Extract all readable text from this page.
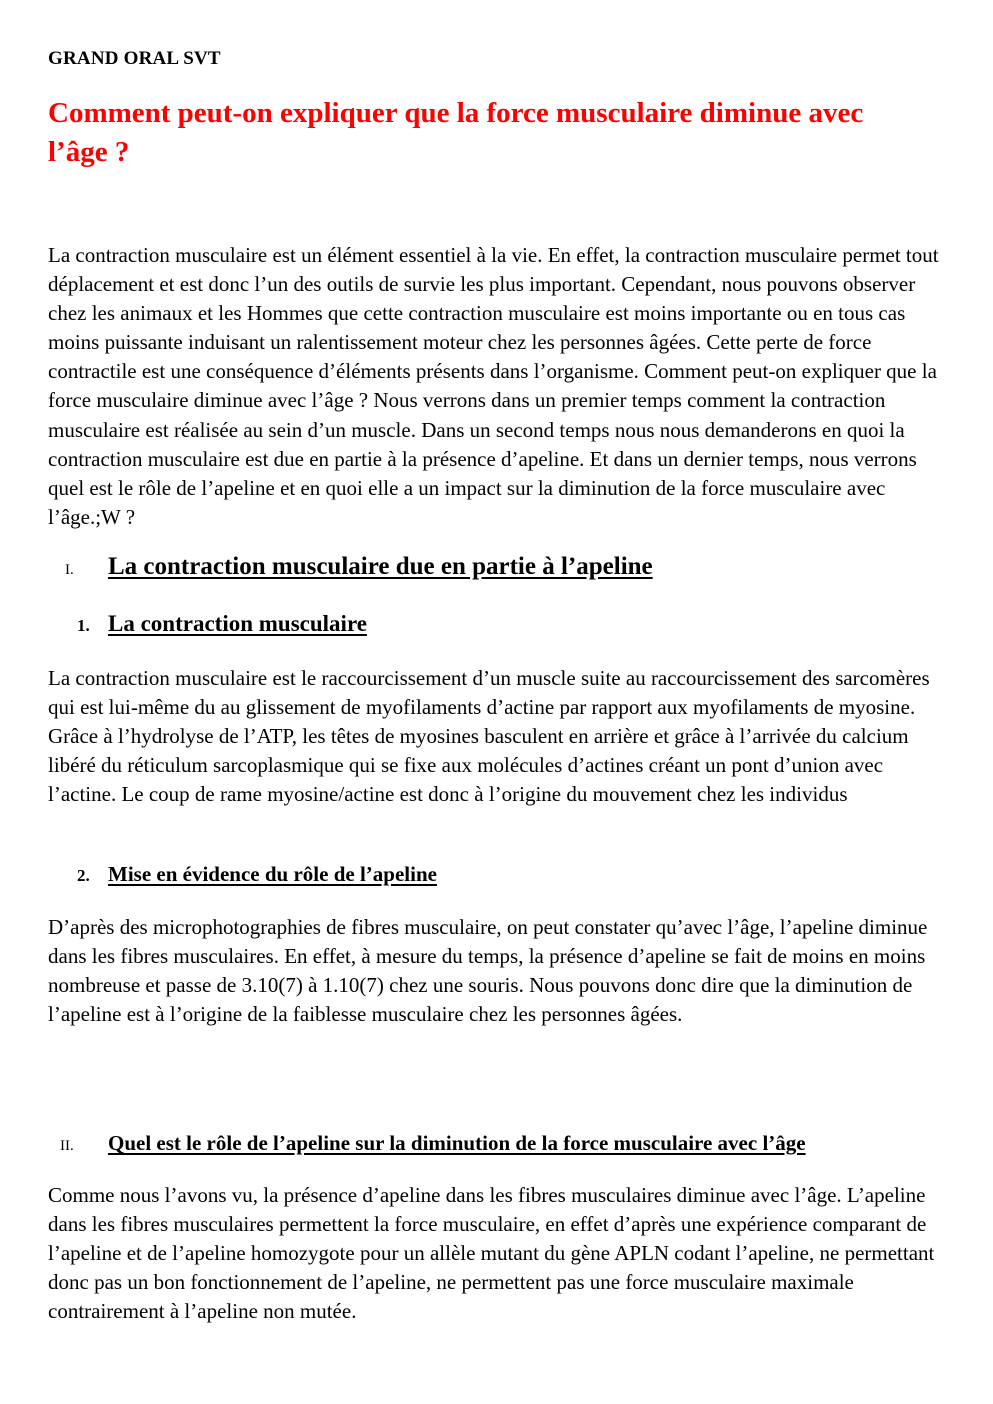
GRAND ORAL SVT

Comment peut-on expliquer que la force musculaire diminue avec l’âge ?

La contraction musculaire est un élément essentiel à la vie. En effet, la contraction musculaire permet tout déplacement et est donc l’un des outils de survie les plus important. Cependant, nous pouvons observer chez les animaux et les Hommes que cette contraction musculaire est moins importante ou en tous cas moins puissante induisant un ralentissement moteur chez les personnes âgées. Cette perte de force contractile est une conséquence d’éléments présents dans l’organisme. Comment peut-on expliquer que la force musculaire diminue avec l’âge ? Nous verrons dans un premier temps comment la contraction musculaire est réalisée au sein d’un muscle. Dans un second temps nous nous demanderons en quoi la contraction musculaire est due en partie à la présence d’apeline. Et dans un dernier temps, nous verrons quel est le rôle de l’apeline et en quoi elle a un impact sur la diminution de la force musculaire avec l’âge.;W ?

I.	La contraction musculaire due en partie à l’apeline
1. La contraction musculaire

La contraction musculaire est le raccourcissement d’un muscle suite au raccourcissement des sarcomères qui est lui-même du au glissement de myofilaments d’actine par rapport aux myofilaments de myosine. Grâce à l’hydrolyse de l’ATP, les têtes de myosines basculent en arrière et grâce à l’arrivée du calcium libéré du réticulum sarcoplasmique qui se fixe aux molécules d’actines créant un pont d’union avec l’actine. Le coup de rame myosine/actine est donc à l’origine du mouvement chez les individus

2. Mise en évidence du rôle de l’apeline

D’après des microphotographies de fibres musculaire, on peut constater qu’avec l’âge, l’apeline diminue dans les fibres musculaires. En effet, à mesure du temps, la présence d’apeline se fait de moins en moins nombreuse et passe de 3.10(7) à 1.10(7) chez une souris. Nous pouvons donc dire que la diminution de l’apeline est à l’origine de la faiblesse musculaire chez les personnes âgées.

II.	Quel est le rôle de l’apeline sur la diminution de la force musculaire avec l’âge

Comme nous l’avons vu, la présence d’apeline dans les fibres musculaires diminue avec l’âge. L’apeline dans les fibres musculaires permettent la force musculaire, en effet d’après une expérience comparant de l’apeline et de l’apeline homozygote pour un allèle mutant du gène APLN codant l’apeline, ne permettant donc pas un bon fonctionnement de l’apeline, ne permettent pas une force musculaire maximale contrairement à l’apeline non mutée.
